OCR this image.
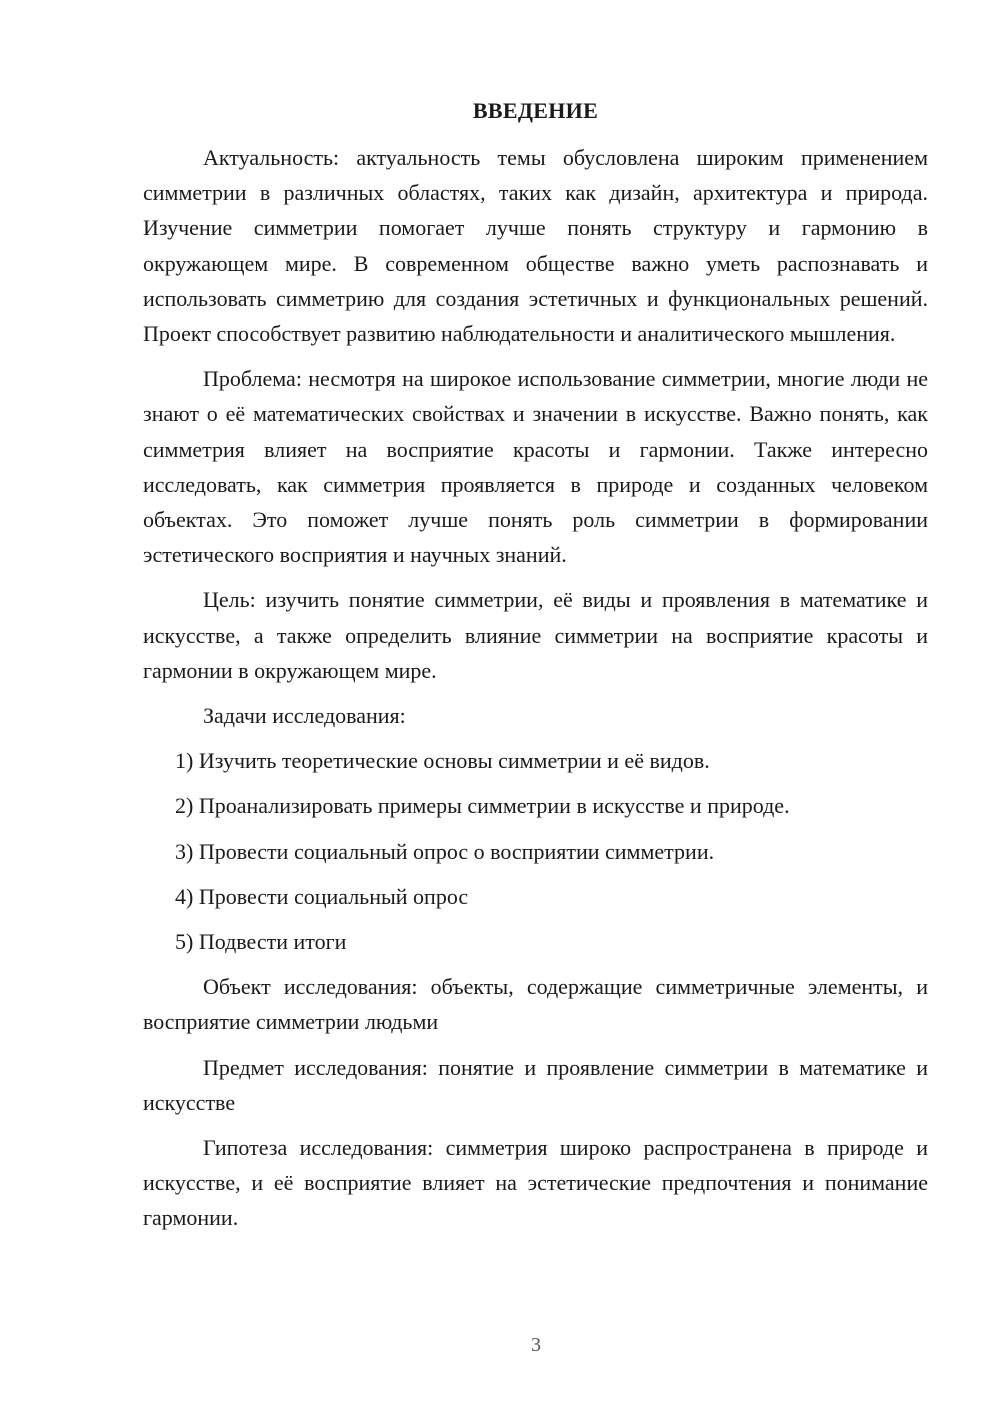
ВВЕДЕНИЕ

Актуальность: актуальность темы обусловлена широким применением симметрии в различных областях, таких как дизайн, архитектура и природа. Изучение симметрии помогает лучше понять структуру и гармонию в окружающем мире. В современном обществе важно уметь распознавать и использовать симметрию для создания эстетичных и функциональных решений. Проект способствует развитию наблюдательности и аналитического мышления.

Проблема: несмотря на широкое использование симметрии, многие люди не знают о её математических свойствах и значении в искусстве. Важно понять, как симметрия влияет на восприятие красоты и гармонии. Также интересно исследовать, как симметрия проявляется в природе и созданных человеком объектах. Это поможет лучше понять роль симметрии в формировании эстетического восприятия и научных знаний.

Цель: изучить понятие симметрии, её виды и проявления в математике и искусстве, а также определить влияние симметрии на восприятие красоты и гармонии в окружающем мире.

Задачи исследования:

1) Изучить теоретические основы симметрии и её видов.

2) Проанализировать примеры симметрии в искусстве и природе.

3) Провести социальный опрос о восприятии симметрии.

4) Провести социальный опрос

5) Подвести итоги

Объект исследования: объекты, содержащие симметричные элементы, и восприятие симметрии людьми

Предмет исследования: понятие и проявление симметрии в математике и искусстве

Гипотеза исследования: симметрия широко распространена в природе и искусстве, и её восприятие влияет на эстетические предпочтения и понимание гармонии.

3
